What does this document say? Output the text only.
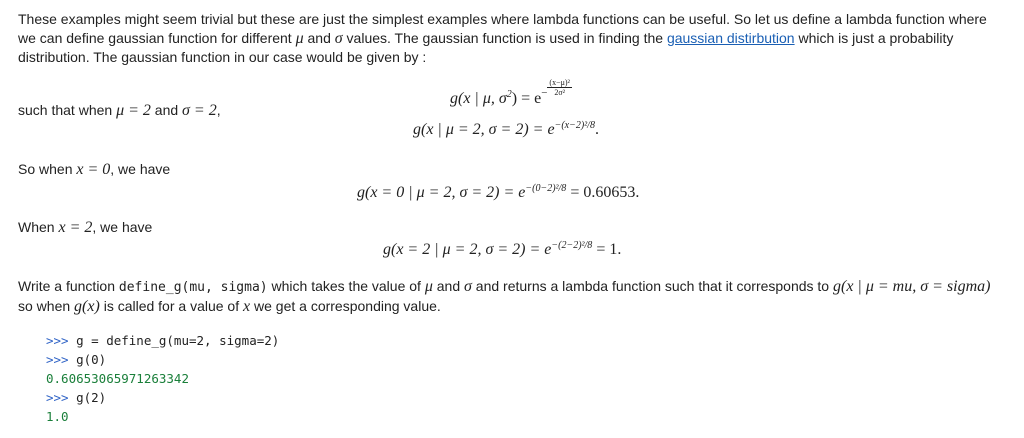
These examples might seem trivial but these are just the simplest examples where lambda functions can be useful. So let us define a lambda function where we can define gaussian function for different μ and σ values. The gaussian function is used in finding the gaussian distirbution which is just a probability distribution. The gaussian function in our case would be given by :
g(x | μ, $\sigma^2) = e^- \frac{\text{(x−μ)²}}{\text{2σ²}}$
such that when μ = 2 and σ = 2,
g(x | μ = 2, $\sigma = 2) = e^{-(x-2)^2/8}$.
So when x = 0, we have
g(x = 0 | μ = 2, $\sigma = 2) = e^{-(0-2)^2/8} = 0.60653$.
When x = 2, we have
g(x = 2 | μ = 2, $\sigma = 2) = e^{-(2-2)^2/8} = 1$.
Write a function define_g(mu, sigma) which takes the value of μ and σ and returns a lambda function such that it corresponds to g(x | μ = mu, σ = sigma)
so when g(x) is called for a value of x we get a corresponding value.
>>> g = define_g(mu=2, sigma=2)
>>> g(0)
0.60653065971263342
>>> g(2)
1.0
